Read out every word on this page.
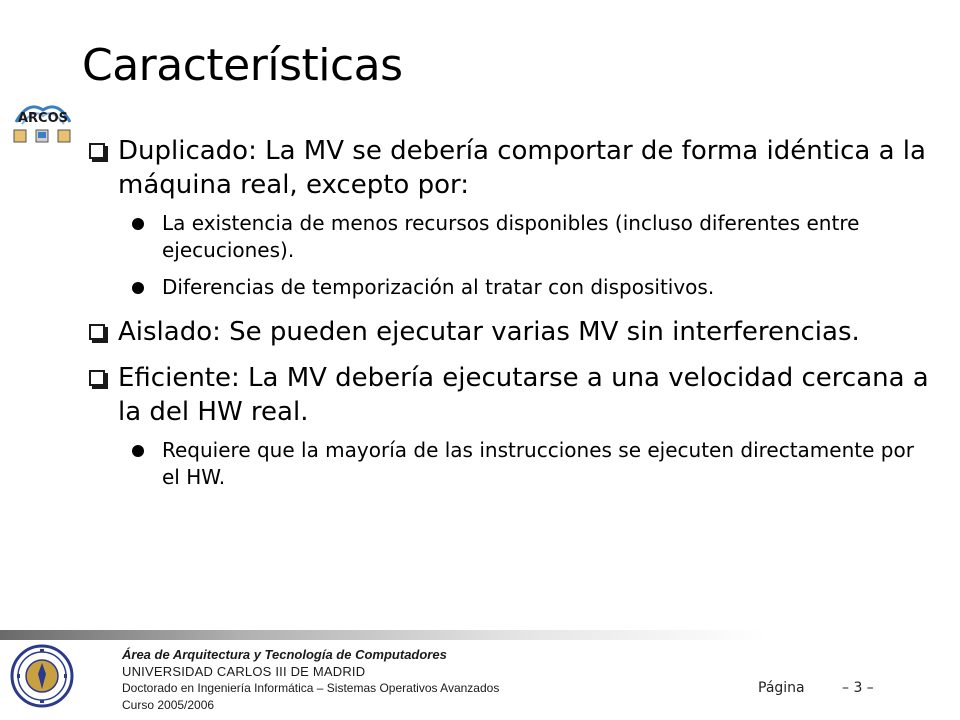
Características
ARCOS
Duplicado: La MV se debería comportar de forma idéntica a la máquina real, excepto por:
La existencia de menos recursos disponibles (incluso diferentes entre ejecuciones).
Diferencias de temporización al tratar con dispositivos.
Aislado: Se pueden ejecutar varias MV sin interferencias.
Eficiente: La MV debería ejecutarse a una velocidad cercana a la del HW real.
Requiere que la mayoría de las instrucciones se ejecuten directamente por el HW.
Área de Arquitectura y Tecnología de Computadores
UNIVERSIDAD CARLOS III DE MADRID
Doctorado en Ingeniería Informática – Sistemas Operativos Avanzados
Curso 2005/2006
Página	– 3 –
